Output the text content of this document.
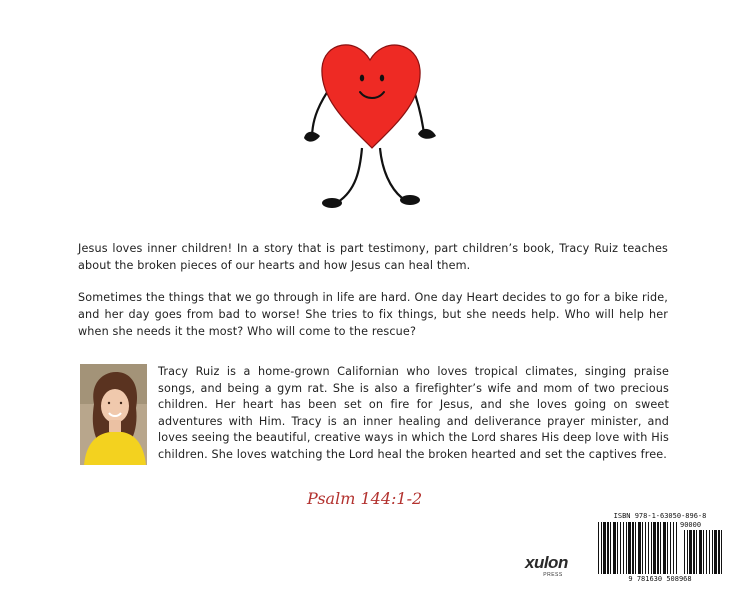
Jesus loves inner children! In a story that is part testimony, part children’s book, Tracy Ruiz teaches about the broken pieces of our hearts and how Jesus can heal them.

Sometimes the things that we go through in life are hard. One day Heart decides to go for a bike ride, and her day goes from bad to worse! She tries to fix things, but she needs help. Who will help her when she needs it the most? Who will come to the rescue?

Tracy Ruiz is a home-grown Californian who loves tropical climates, singing praise songs, and being a gym rat. She is also a firefighter’s wife and mom of two precious children. Her heart has been set on fire for Jesus, and she loves going on sweet adventures with Him. Tracy is an inner healing and deliverance prayer minister, and loves seeing the beautiful, creative ways in which the Lord shares His deep love with His children. She loves watching the Lord heal the broken hearted and set the captives free.

Psalm 144:1-2

xulon
PRESS

ISBN 978-1-63050-896-8

90000

9 781630 508968
